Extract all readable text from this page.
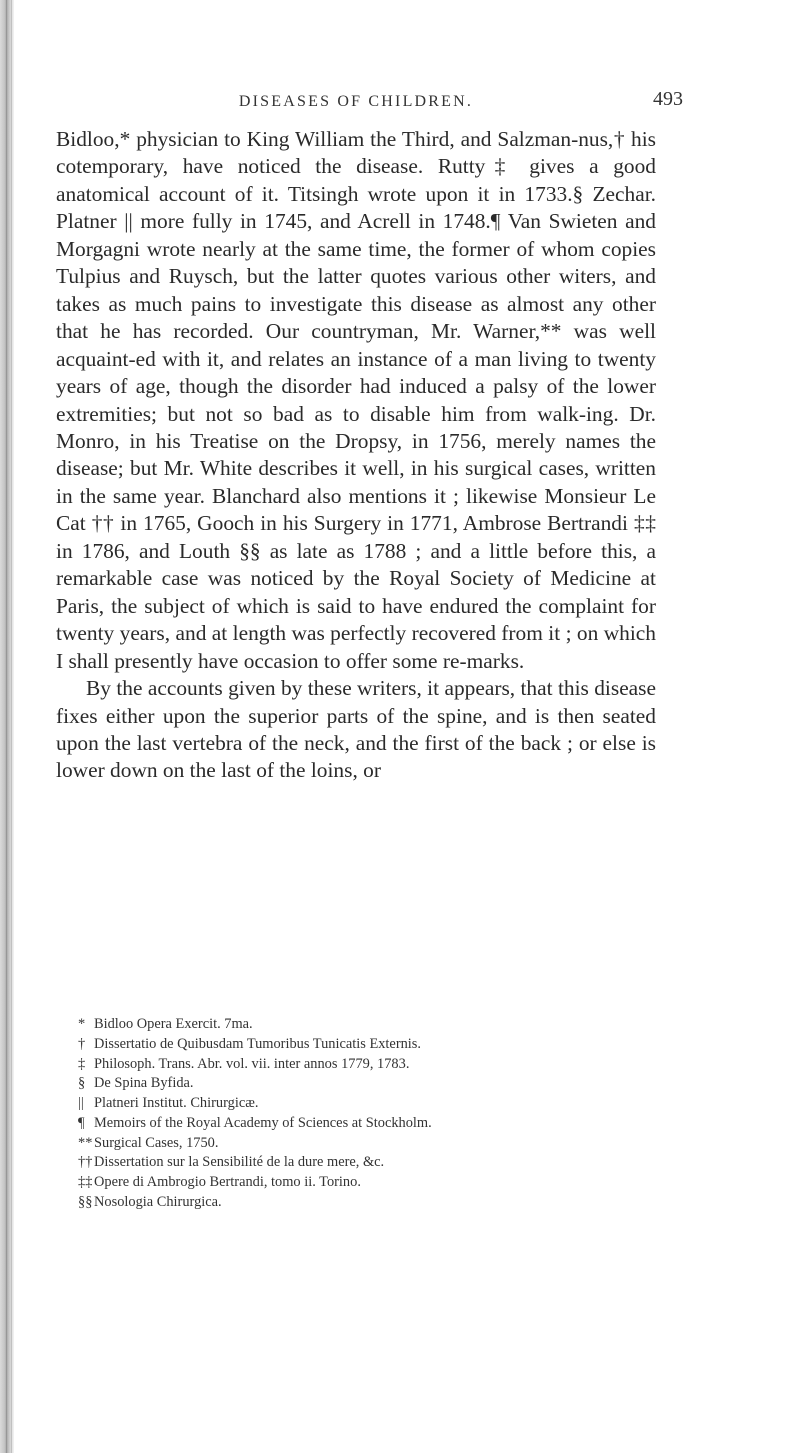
DISEASES OF CHILDREN.	493

Bidloo,* physician to King William the Third, and Salzman‐nus,† his cotemporary, have noticed the disease. Rutty‡ gives a good anatomical account of it. Titsingh wrote upon it in 1733.§ Zechar. Platner || more fully in 1745, and Acrell in 1748.¶ Van Swieten and Morgagni wrote nearly at the same time, the former of whom copies Tulpius and Ruysch, but the latter quotes various other witers, and takes as much pains to investigate this disease as almost any other that he has recorded. Our countryman, Mr. Warner,** was well acquaint‐ed with it, and relates an instance of a man living to twenty years of age, though the disorder had induced a palsy of the lower extremities; but not so bad as to disable him from walk‐ing. Dr. Monro, in his Treatise on the Dropsy, in 1756, merely names the disease; but Mr. White describes it well, in his surgical cases, written in the same year. Blanchard also mentions it ; likewise Monsieur Le Cat †† in 1765, Gooch in his Surgery in 1771, Ambrose Bertrandi ‡‡ in 1786, and Louth §§ as late as 1788 ; and a little before this, a remarkable case was noticed by the Royal Society of Medicine at Paris, the subject of which is said to have endured the complaint for twenty years, and at length was perfectly recovered from it ; on which I shall presently have occasion to offer some re‐marks.

By the accounts given by these writers, it appears, that this disease fixes either upon the superior parts of the spine, and is then seated upon the last vertebra of the neck, and the first of the back ; or else is lower down on the last of the loins, or

* Bidloo Opera Exercit. 7ma.
† Dissertatio de Quibusdam Tumoribus Tunicatis Externis.
‡ Philosoph. Trans. Abr. vol. vii. inter annos 1779, 1783.
§ De Spina Byfida.
|| Platneri Institut. Chirurgicæ.
¶ Memoirs of the Royal Academy of Sciences at Stockholm.
** Surgical Cases, 1750.
†† Dissertation sur la Sensibilité de la dure mere, &c.
‡‡ Opere di Ambrogio Bertrandi, tomo ii. Torino.
§§ Nosologia Chirurgica.
